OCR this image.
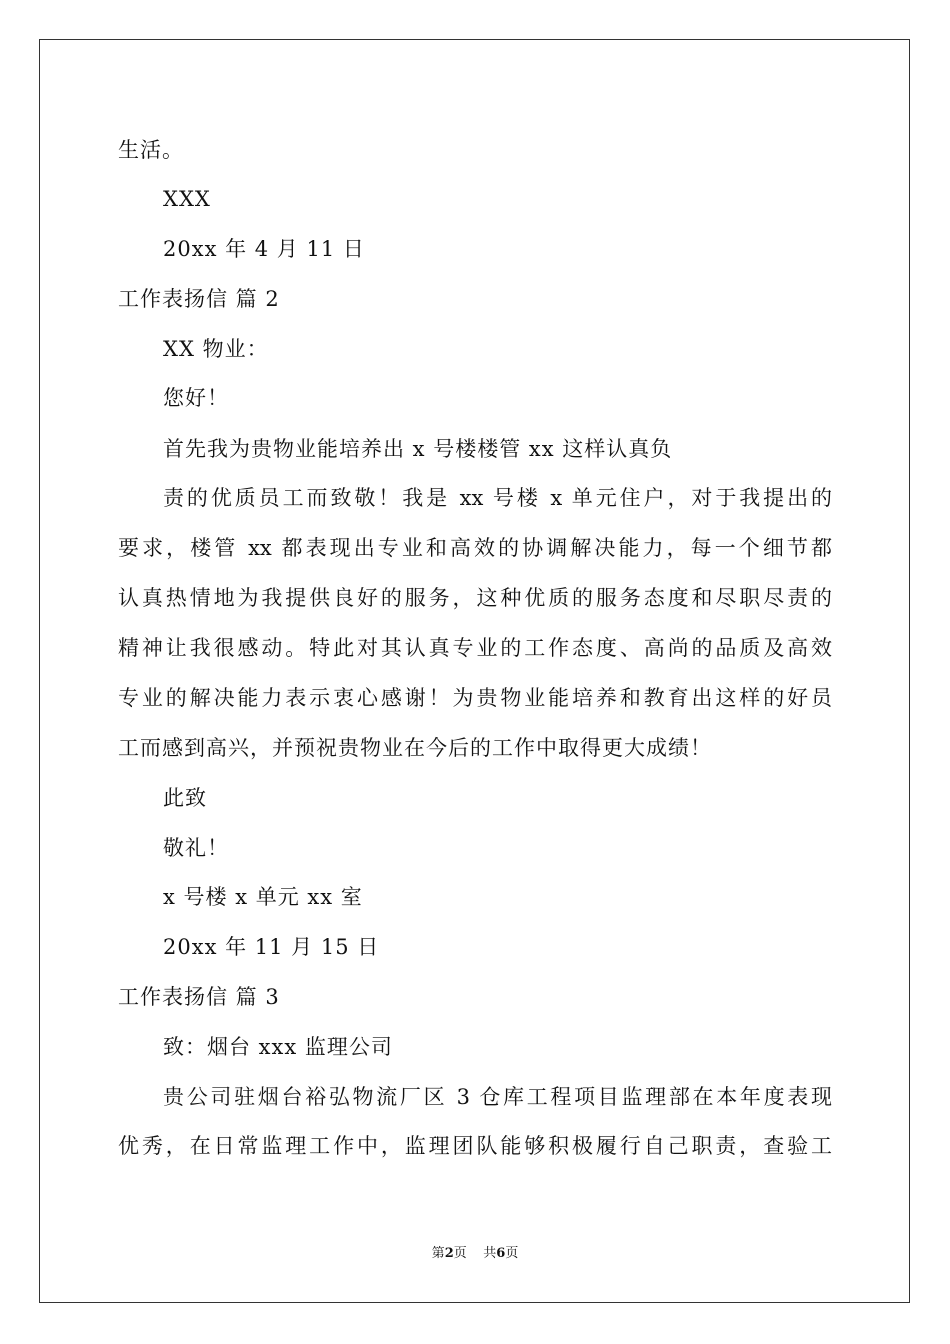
生活。
XXX
20xx 年 4 月 11 日
工作表扬信 篇 2
XX 物业：
您好！
首先我为贵物业能培养出 x 号楼楼管 xx 这样认真负
责的优质员工而致敬！我是 xx 号楼 x 单元住户，对于我提出的
要求，楼管 xx 都表现出专业和高效的协调解决能力，每一个细节都
认真热情地为我提供良好的服务，这种优质的服务态度和尽职尽责的
精神让我很感动。特此对其认真专业的工作态度、高尚的品质及高效
专业的解决能力表示衷心感谢！为贵物业能培养和教育出这样的好员
工而感到高兴，并预祝贵物业在今后的工作中取得更大成绩！
此致
敬礼！
x 号楼 x 单元 xx 室
20xx 年 11 月 15 日
工作表扬信 篇 3
致：烟台 xxx 监理公司
贵公司驻烟台裕弘物流厂区 3 仓库工程项目监理部在本年度表现
优秀，在日常监理工作中，监理团队能够积极履行自己职责，查验工
第2页    共6页
